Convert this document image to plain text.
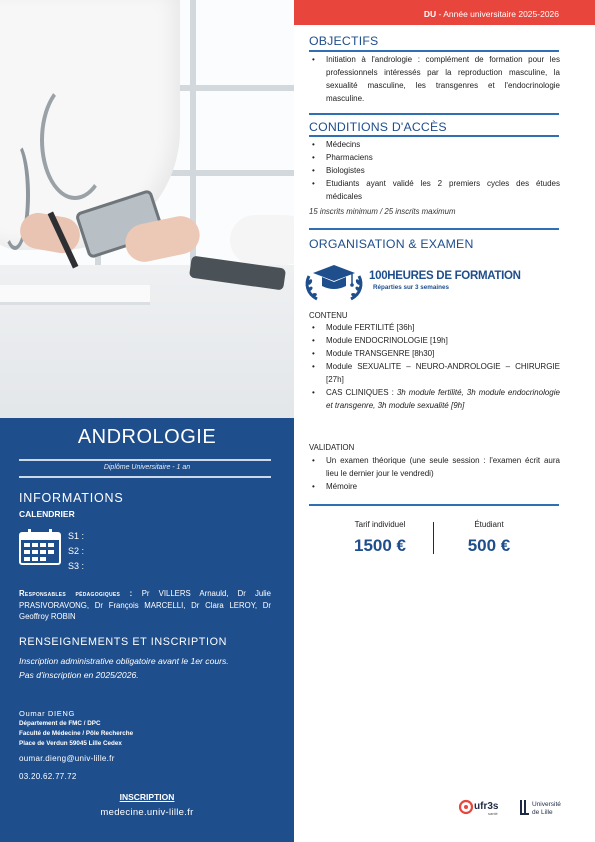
ANDROLOGIE
Diplôme Universitaire - 1 an
INFORMATIONS
CALENDRIER
S1 :
S2 :
S3 :
Responsables pédagogiques : Pr VILLERS Arnauld, Dr Julie PRASIVORAVONG, Dr François MARCELLI, Dr Clara LEROY, Dr Geoffroy ROBIN
RENSEIGNEMENTS ET INSCRIPTION
Inscription administrative obligatoire avant le 1er cours.
Pas d'inscription en 2025/2026.
Oumar DIENG
Département de FMC / DPC
Faculté de Médecine / Pôle Recherche
Place de Verdun 59045 Lille Cedex
oumar.dieng@univ-lille.fr
03.20.62.77.72
INSCRIPTION
medecine.univ-lille.fr
DU - Année universitaire 2025-2026
OBJECTIFS
• Initiation à l'andrologie : complément de formation pour les professionnels intéressés par la reproduction masculine, la sexualité masculine, les transgenres et l'endocrinologie masculine.
CONDITIONS D'ACCÈS
• Médecins
• Pharmaciens
• Biologistes
• Etudiants ayant validé les 2 premiers cycles des études médicales
15 inscrits minimum / 25 inscrits maximum
ORGANISATION & EXAMEN
100HEURES DE FORMATION
• Réparties sur 3 semaines
CONTENU
• Module FERTILITÉ [36h]
• Module ENDOCRINOLOGIE [19h]
• Module TRANSGENRE [8h30]
• Module SEXUALITE – NEURO-ANDROLOGIE – CHIRURGIE [27h]
• CAS CLINIQUES : 3h module fertilité, 3h module endocrinologie et transgenre, 3h module sexualité [9h]
VALIDATION
• Un examen théorique (une seule session : l'examen écrit aura lieu le dernier jour le vendredi)
• Mémoire
Tarif individuel
1500 €
Étudiant
500 €
ufr3s
santé
Université
de Lille
